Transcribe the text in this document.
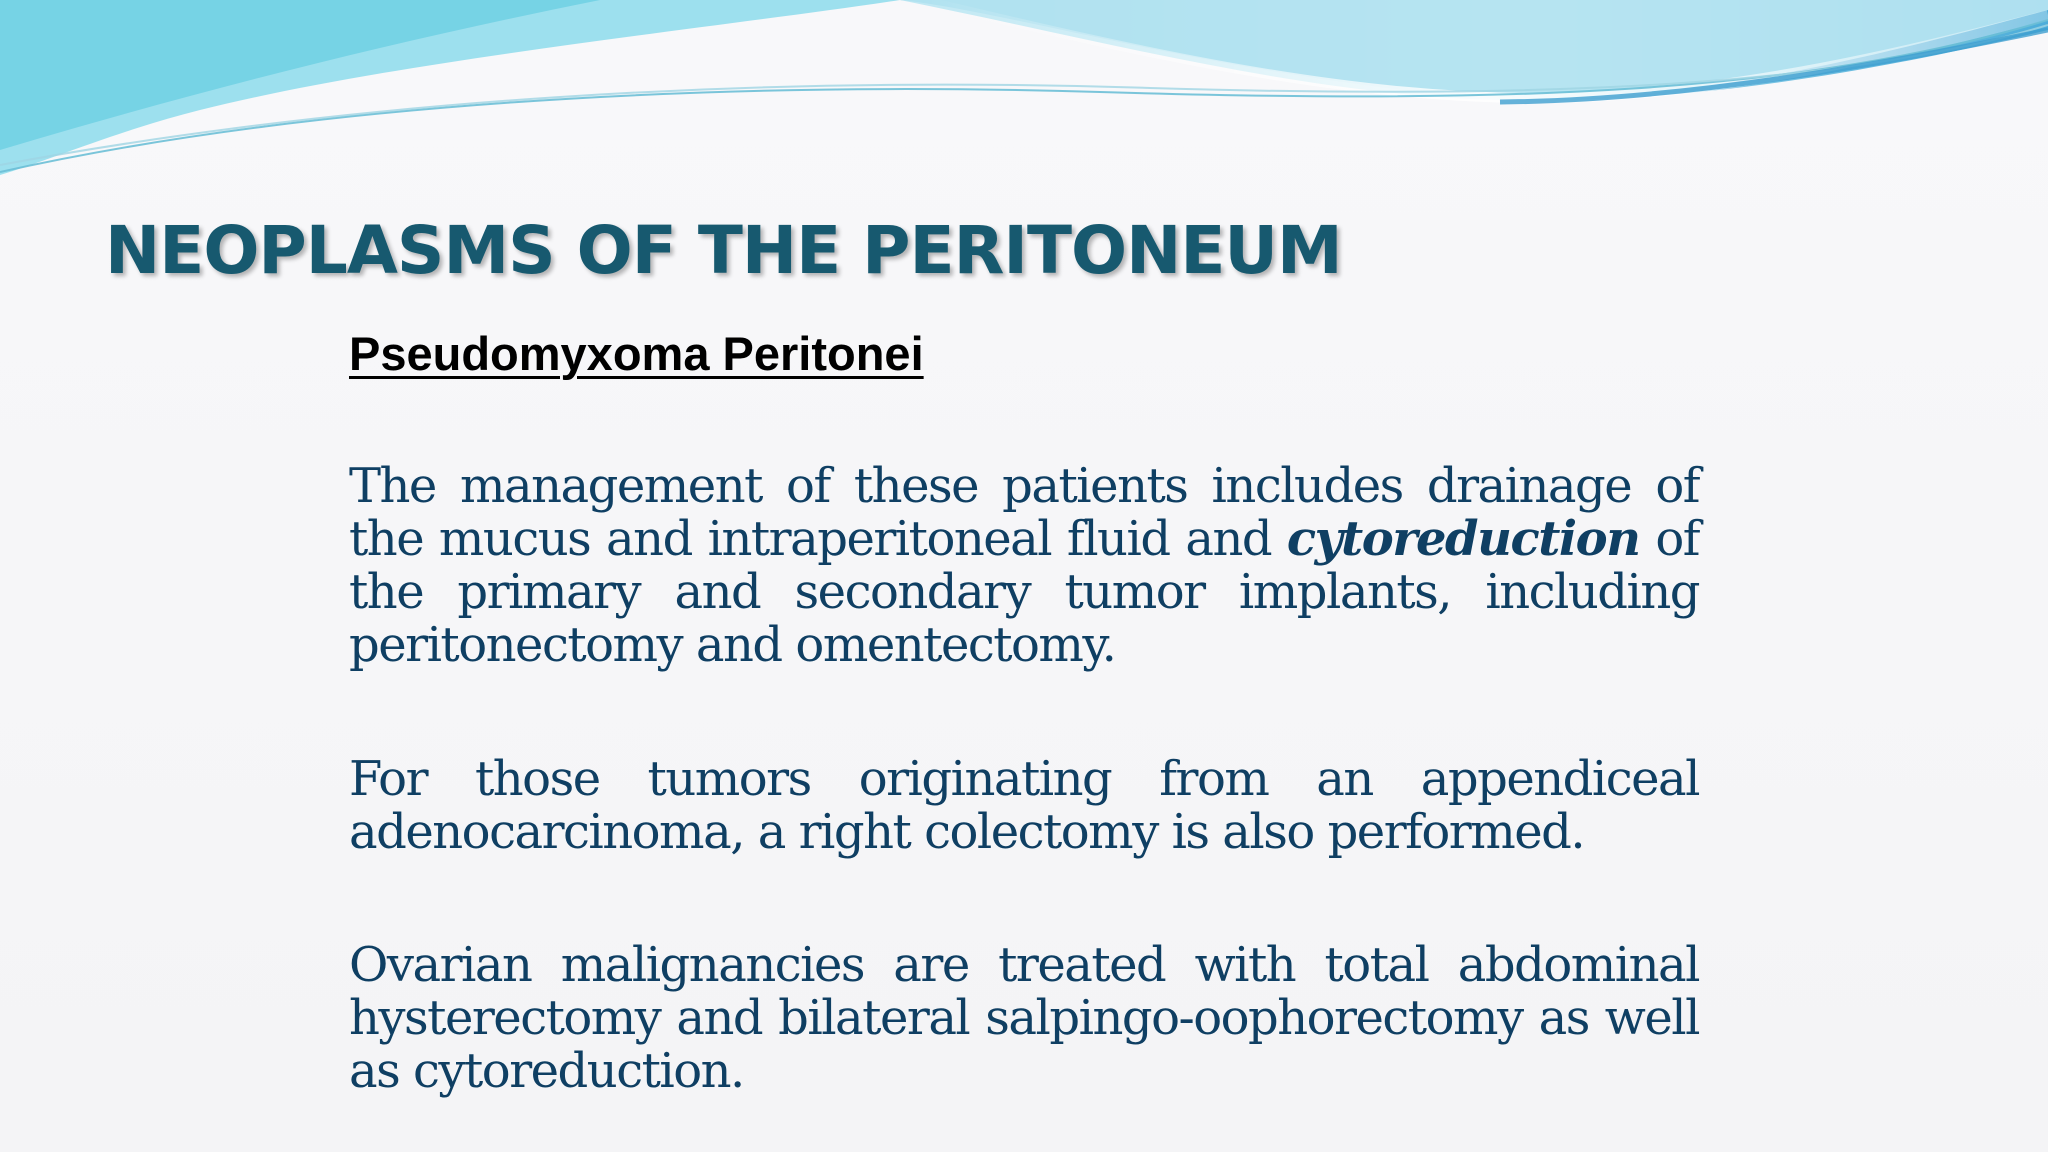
NEOPLASMS OF THE PERITONEUM
Pseudomyxoma Peritonei

The management of these patients includes drainage of the mucus and intraperitoneal fluid and cytoreduction of the primary and secondary tumor implants, including peritonectomy and omentectomy.

For those tumors originating from an appendiceal adenocarcinoma, a right colectomy is also performed.

Ovarian malignancies are treated with total abdominal hysterectomy and bilateral salpingo-oophorectomy as well as cytoreduction.
